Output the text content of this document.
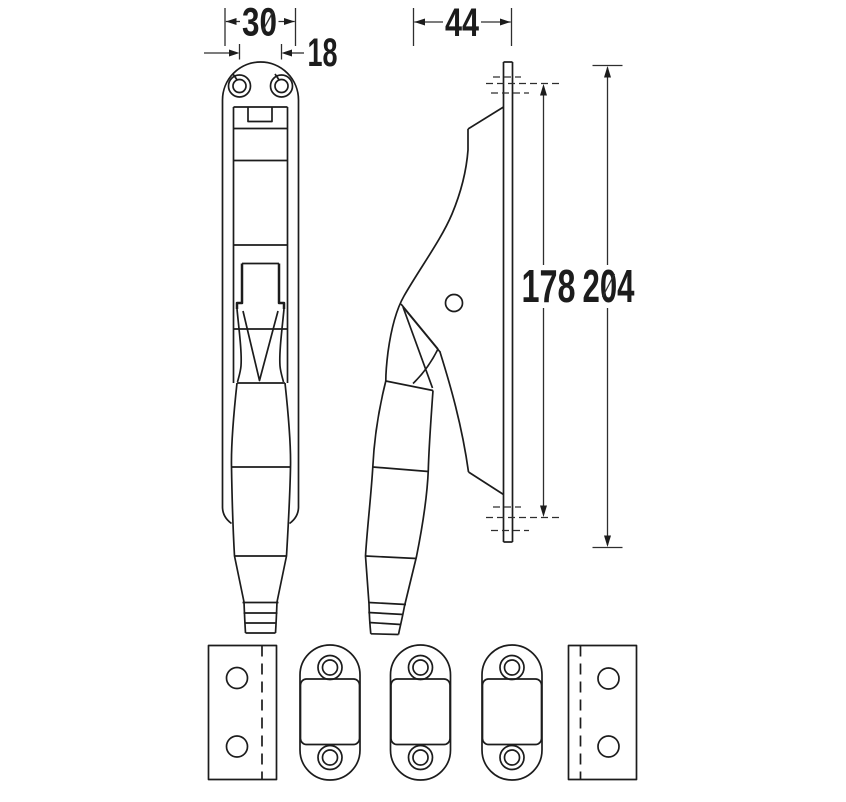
30
18
44
178 204
